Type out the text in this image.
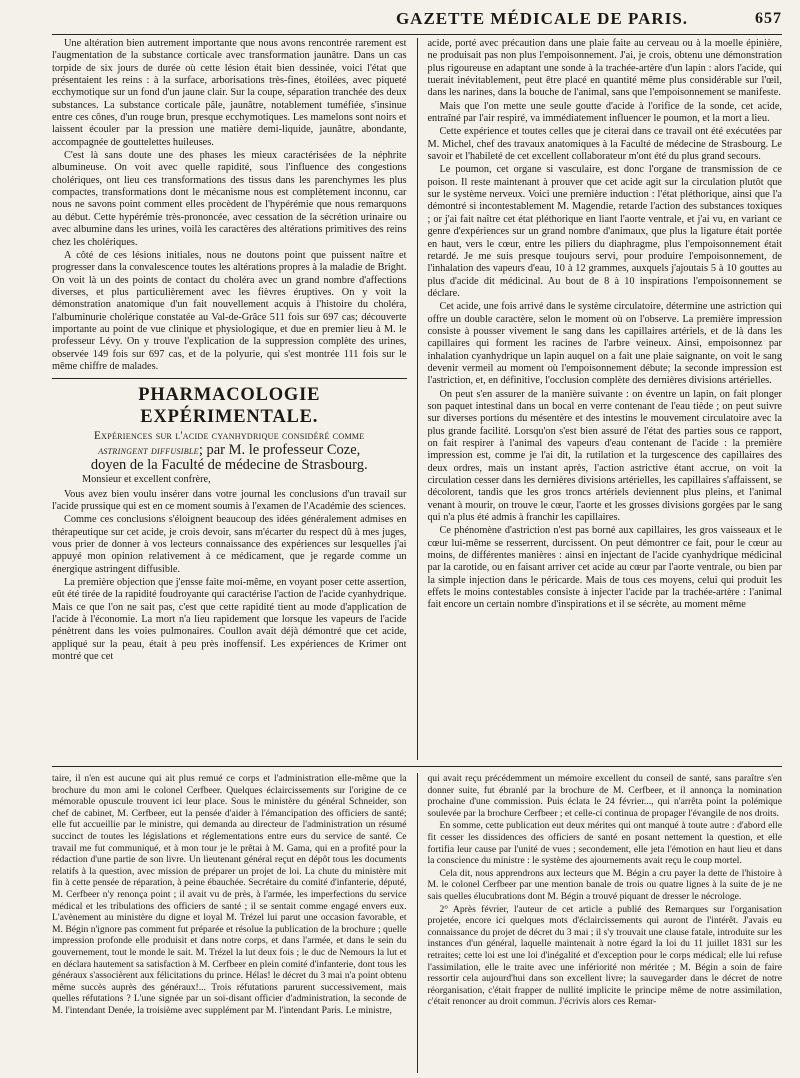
GAZETTE MÉDICALE DE PARIS.	657

Une altération bien autrement importante que nous avons rencontrée rarement est l'augmentation de la substance corticale avec transformation jaunâtre. Dans un cas torpide de six jours de durée où cette lésion était bien dessinée, voici l'état que présentaient les reins : à la surface, arborisations très-fines, étoilées, avec piqueté ecchymotique sur un fond d'un jaune clair. Sur la coupe, séparation tranchée des deux substances. La substance corticale pâle, jaunâtre, notablement tuméfiée, s'insinue entre ces cônes, d'un rouge brun, presque ecchymotiques. Les mamelons sont noirs et laissent écouler par la pression une matière demi-liquide, jaunâtre, abondante, accompagnée de gouttelettes huileuses.

C'est là sans doute une des phases les mieux caractérisées de la néphrite albumineuse. On voit avec quelle rapidité, sous l'influence des congestions cholériques, ont lieu ces transformations des tissus dans les parenchymes les plus compactes, transformations dont le mécanisme nous est complètement inconnu, car nous ne savons point comment elles procèdent de l'hypérémie que nous remarquons au début. Cette hypérémie très-prononcée, avec cessation de la sécrétion urinaire ou avec albumine dans les urines, voilà les caractères des altérations primitives des reins chez les cholériques.

A côté de ces lésions initiales, nous ne doutons point que puissent naître et progresser dans la convalescence toutes les altérations propres à la maladie de Bright. On voit là un des points de contact du choléra avec un grand nombre d'affections diverses, et plus particulièrement avec les fièvres éruptives. On y voit la démonstration anatomique d'un fait nouvellement acquis à l'histoire du choléra, l'albuminurie cholérique constatée au Val-de-Grâce 511 fois sur 697 cas; découverte importante au point de vue clinique et physiologique, et due en premier lieu à M. le professeur Lévy. On y trouve l'explication de la suppression complète des urines, observée 149 fois sur 697 cas, et de la polyurie, qui s'est montrée 111 fois sur le même chiffre de malades.

PHARMACOLOGIE EXPÉRIMENTALE.

Expériences sur l'acide cyanhydrique considéré comme
astringent diffusible; par M. le professeur Coze,
doyen de la Faculté de médecine de Strasbourg.

Monsieur et excellent confrère,

Vous avez bien voulu insérer dans votre journal les conclusions d'un travail sur l'acide prussique qui est en ce moment soumis à l'examen de l'Académie des sciences.

Comme ces conclusions s'éloignent beaucoup des idées généralement admises en thérapeutique sur cet acide, je crois devoir, sans m'écarter du respect dû à mes juges, vous prier de donner à vos lecteurs connaissance des expériences sur lesquelles j'ai appuyé mon opinion relativement à ce médicament, que je regarde comme un énergique astringent diffusible.

La première objection que j'ensse faite moi-même, en voyant poser cette assertion, eût été tirée de la rapidité foudroyante qui caractérise l'action de l'acide cyanhydrique. Mais ce que l'on ne sait pas, c'est que cette rapidité tient au mode d'application de l'acide à l'économie. La mort n'a lieu rapidement que lorsque les vapeurs de l'acide pénètrent dans les voies pulmonaires. Coullon avait déjà démontré que cet acide, appliqué sur la peau, était à peu près inoffensif. Les expériences de Krimer ont montré que cet

acide, porté avec précaution dans une plaie faite au cerveau ou à la moelle épinière, ne produisait pas non plus l'empoisonnement. J'ai, je crois, obtenu une démonstration plus rigoureuse en adaptant une sonde à la trachée-artère d'un lapin : alors l'acide, qui tuerait inévitablement, peut être placé en quantité même plus considérable sur l'œil, dans les narines, dans la bouche de l'animal, sans que l'empoisonnement se manifeste.

Mais que l'on mette une seule goutte d'acide à l'orifice de la sonde, cet acide, entraîné par l'air respiré, va immédiatement influencer le poumon, et la mort a lieu.

Cette expérience et toutes celles que je citerai dans ce travail ont été exécutées par M. Michel, chef des travaux anatomiques à la Faculté de médecine de Strasbourg. Le savoir et l'habileté de cet excellent collaborateur m'ont été du plus grand secours.

Le poumon, cet organe si vasculaire, est donc l'organe de transmission de ce poison. Il reste maintenant à prouver que cet acide agit sur la circulation plutôt que sur le système nerveux. Voici une première induction : l'état pléthorique, ainsi que l'a démontré si incontestablement M. Magendie, retarde l'action des substances toxiques ; or j'ai fait naître cet état pléthorique en liant l'aorte ventrale, et j'ai vu, en variant ce genre d'expériences sur un grand nombre d'animaux, que plus la ligature était portée en haut, vers le cœur, entre les piliers du diaphragme, plus l'empoisonnement était retardé. Je me suis presque toujours servi, pour produire l'empoisonnement, de l'inhalation des vapeurs d'eau, 10 à 12 grammes, auxquels j'ajoutais 5 à 10 gouttes au plus d'acide dit médicinal. Au bout de 8 à 10 inspirations l'empoisonnement se déclare.

Cet acide, une fois arrivé dans le système circulatoire, détermine une astriction qui offre un double caractère, selon le moment où on l'observe. La première impression consiste à pousser vivement le sang dans les capillaires artériels, et de là dans les capillaires qui forment les racines de l'arbre veineux. Ainsi, empoisonnez par inhalation cyanhydrique un lapin auquel on a fait une plaie saignante, on voit le sang devenir vermeil au moment où l'empoisonnement débute; la seconde impression est l'astriction, et, en définitive, l'occlusion complète des dernières divisions artérielles.

On peut s'en assurer de la manière suivante : on éventre un lapin, on fait plonger son paquet intestinal dans un bocal en verre contenant de l'eau tiède ; on peut suivre sur diverses portions du mésentère et des intestins le mouvement circulatoire avec la plus grande facilité. Lorsqu'on s'est bien assuré de l'état des parties sous ce rapport, on fait respirer à l'animal des vapeurs d'eau contenant de l'acide : la première impression est, comme je l'ai dit, la rutilation et la turgescence des capillaires des deux ordres, mais un instant après, l'action astrictive étant accrue, on voit la circulation cesser dans les dernières divisions artérielles, les capillaires s'affaissent, se décolorent, tandis que les gros troncs artériels deviennent plus pleins, et l'animal venant à mourir, on trouve le cœur, l'aorte et les grosses divisions gorgées par le sang qui n'a plus été admis à franchir les capillaires.

Ce phénomène d'astriction n'est pas borné aux capillaires, les gros vaisseaux et le cœur lui-même se resserrent, durcissent. On peut démontrer ce fait, pour le cœur au moins, de différentes manières : ainsi en injectant de l'acide cyanhydrique médicinal par la carotide, ou en faisant arriver cet acide au cœur par l'aorte ventrale, ou bien par la simple injection dans le péricarde. Mais de tous ces moyens, celui qui produit les effets le moins contestables consiste à injecter l'acide par la trachée-artère : l'animal fait encore un certain nombre d'inspirations et il se sécrète, au moment même

taire, il n'en est aucune qui ait plus remué ce corps et l'administration elle-même que la brochure du mon ami le colonel Cerfbeer. Quelques éclaircissements sur l'origine de ce mémorable opuscule trouvent ici leur place. Sous le ministère du général Schneider, son chef de cabinet, M. Cerfbeer, eut la pensée d'aider à l'émancipation des officiers de santé; elle fut accueillie par le ministre, qui demanda au directeur de l'administration un résumé succinct de toutes les législations et réglementations entre eurs du service de santé. Ce travail me fut communiqué, et à mon tour je le prêtai à M. Gama, qui en a profité pour la rédaction d'une partie de son livre. Un lieutenant général reçut en dépôt tous les documents relatifs à la question, avec mission de préparer un projet de loi. La chute du ministère mit fin à cette pensée de réparation, à peine ébauchée. Secrétaire du comité d'infanterie, député, M. Cerfbeer n'y renonça point ; il avait vu de près, à l'armée, les imperfections du service médical et les tribulations des officiers de santé ; il se sentait comme engagé envers eux. L'avènement au ministère du digne et loyal M. Trézel lui parut une occasion favorable, et M. Bégin n'ignore pas comment fut préparée et résolue la publication de la brochure ; quelle impression profonde elle produisit et dans notre corps, et dans l'armée, et dans le sein du gouvernement, tout le monde le sait. M. Trézel la lut deux fois ; le duc de Nemours la lut et en déclara hautement sa satisfaction à M. Cerfbeer en plein comité d'infanterie, dont tous les généraux s'associèrent aux félicitations du prince. Hélas! le décret du 3 mai n'a point obtenu même succès auprès des généraux!... Trois réfutations parurent successivement, mais quelles réfutations ? L'une signée par un soi-disant officier d'administration, la seconde de M. l'intendant Denée, la troisième avec supplément par M. l'intendant Paris. Le ministre,

qui avait reçu précédemment un mémoire excellent du conseil de santé, sans paraître s'en donner suite, fut ébranlé par la brochure de M. Cerfbeer, et il annonça la nomination prochaine d'une commission. Puis éclata le 24 février..., qui n'arrêta point la polémique soulevée par la brochure Cerfbeer ; et celle-ci continua de propager l'évangile de nos droits.

En somme, cette publication eut deux mérites qui ont manqué à toute autre : d'abord elle fit cesser les dissidences des officiers de santé en posant nettement la question, et elle fortifia leur cause par l'unité de vues ; secondement, elle jeta l'émotion en haut lieu et dans la conscience du ministre : le système des ajournements avait reçu le coup mortel.

Cela dit, nous apprendrons aux lecteurs que M. Bégin a cru payer la dette de l'histoire à M. le colonel Cerfbeer par une mention banale de trois ou quatre lignes à la suite de je ne sais quelles élucubrations dont M. Bégin a trouvé piquant de dresser le nécrologe.

2° Après février, l'auteur de cet article a publié des Remarques sur l'organisation projetée, encore ici quelques mots d'éclaircissements qui auront de l'intérêt. J'avais eu connaissance du projet de décret du 3 mai ; il s'y trouvait une clause fatale, introduite sur les instances d'un général, laquelle maintenait à notre égard la loi du 11 juillet 1831 sur les retraites; cette loi est une loi d'inégalité et d'exception pour le corps médical; elle lui refuse l'assimilation, elle le traite avec une infériorité non méritée ; M. Bégin a soin de faire ressortir cela aujourd'hui dans son excellent livre; la sauvegarder dans le décret de notre réorganisation, c'était frapper de nullité implicite le principe même de notre assimilation, c'était renoncer au droit commun. J'écrivis alors ces Remar-
